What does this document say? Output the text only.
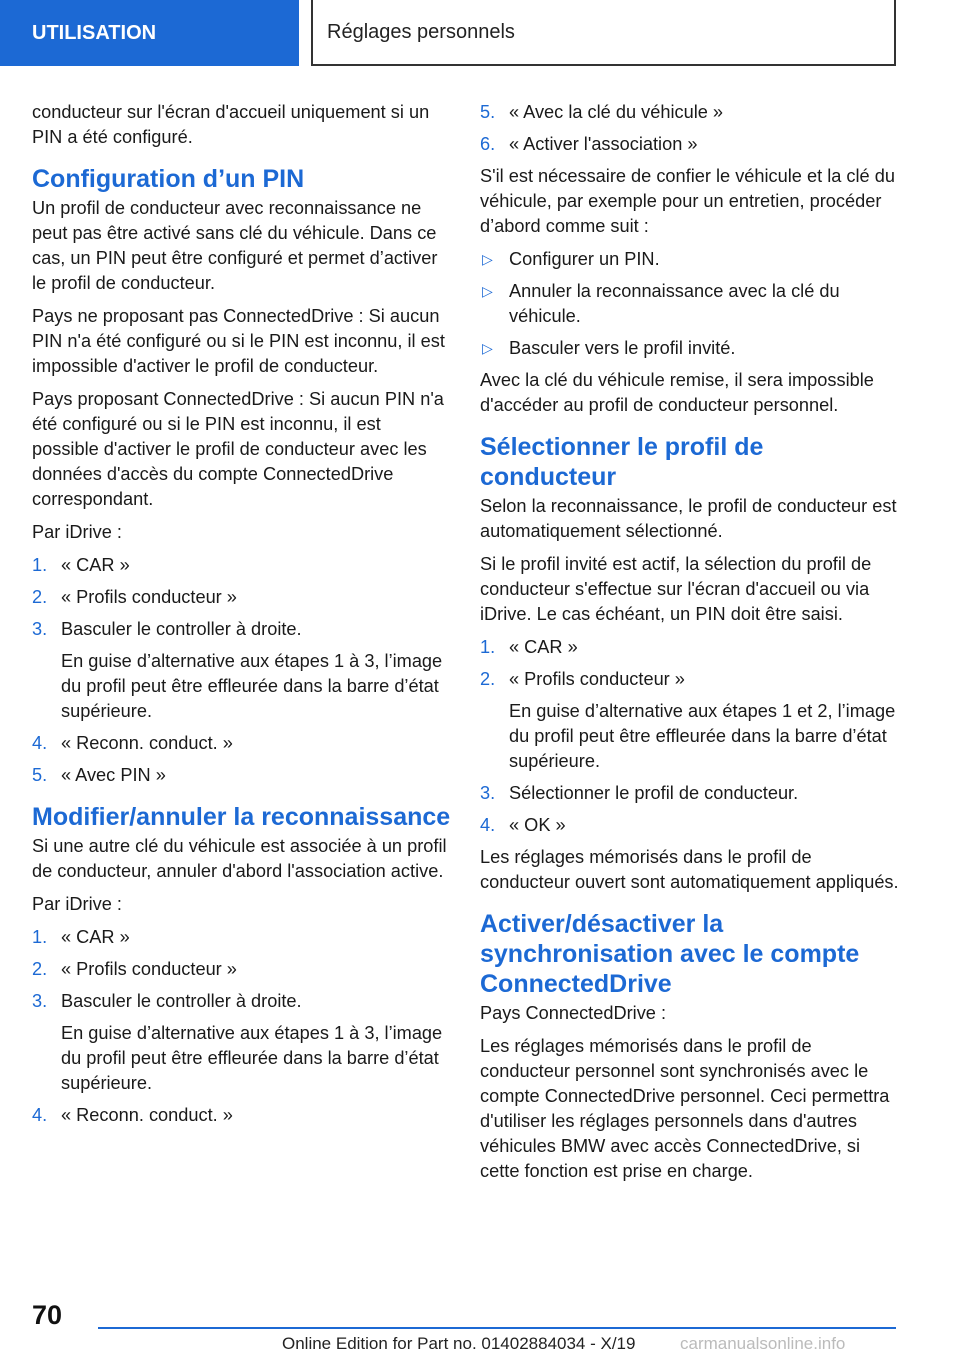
UTILISATION	Réglages personnels

conducteur sur l'écran d'accueil uniquement si un PIN a été configuré.

Configuration d’un PIN

Un profil de conducteur avec reconnaissance ne peut pas être activé sans clé du véhicule. Dans ce cas, un PIN peut être configuré et permet d’activer le profil de conducteur.

Pays ne proposant pas ConnectedDrive : Si aucun PIN n'a été configuré ou si le PIN est inconnu, il est impossible d'activer le profil de conducteur.

Pays proposant ConnectedDrive : Si aucun PIN n'a été configuré ou si le PIN est inconnu, il est possible d'activer le profil de conducteur avec les données d'accès du compte ConnectedDrive correspondant.

Par iDrive :

1. « CAR »
2. « Profils conducteur »
3. Basculer le controller à droite.
En guise d’alternative aux étapes 1 à 3, l’image du profil peut être effleurée dans la barre d’état supérieure.
4. « Reconn. conduct. »
5. « Avec PIN »
Modifier/annuler la reconnaissance

Si une autre clé du véhicule est associée à un profil de conducteur, annuler d'abord l'association active.

Par iDrive :

1. « CAR »
2. « Profils conducteur »
3. Basculer le controller à droite.
En guise d’alternative aux étapes 1 à 3, l’image du profil peut être effleurée dans la barre d’état supérieure.
4. « Reconn. conduct. »
5. « Avec la clé du véhicule »
6. « Activer l'association »

S'il est nécessaire de confier le véhicule et la clé du véhicule, par exemple pour un entretien, procéder d’abord comme suit :

▷ Configurer un PIN.
▷ Annuler la reconnaissance avec la clé du véhicule.
▷ Basculer vers le profil invité.

Avec la clé du véhicule remise, il sera impossible d'accéder au profil de conducteur personnel.

Sélectionner le profil de conducteur

Selon la reconnaissance, le profil de conducteur est automatiquement sélectionné.

Si le profil invité est actif, la sélection du profil de conducteur s'effectue sur l'écran d'accueil ou via iDrive. Le cas échéant, un PIN doit être saisi.

1. « CAR »
2. « Profils conducteur »
En guise d’alternative aux étapes 1 et 2, l’image du profil peut être effleurée dans la barre d’état supérieure.
3. Sélectionner le profil de conducteur.
4. « OK »

Les réglages mémorisés dans le profil de conducteur ouvert sont automatiquement appliqués.

Activer/désactiver la synchronisation avec le compte ConnectedDrive

Pays ConnectedDrive :

Les réglages mémorisés dans le profil de conducteur personnel sont synchronisés avec le compte ConnectedDrive personnel. Ceci permettra d'utiliser les réglages personnels dans d'autres véhicules BMW avec accès ConnectedDrive, si cette fonction est prise en charge.

70
Online Edition for Part no. 01402884034 - X/19	carmanualsonline.info
